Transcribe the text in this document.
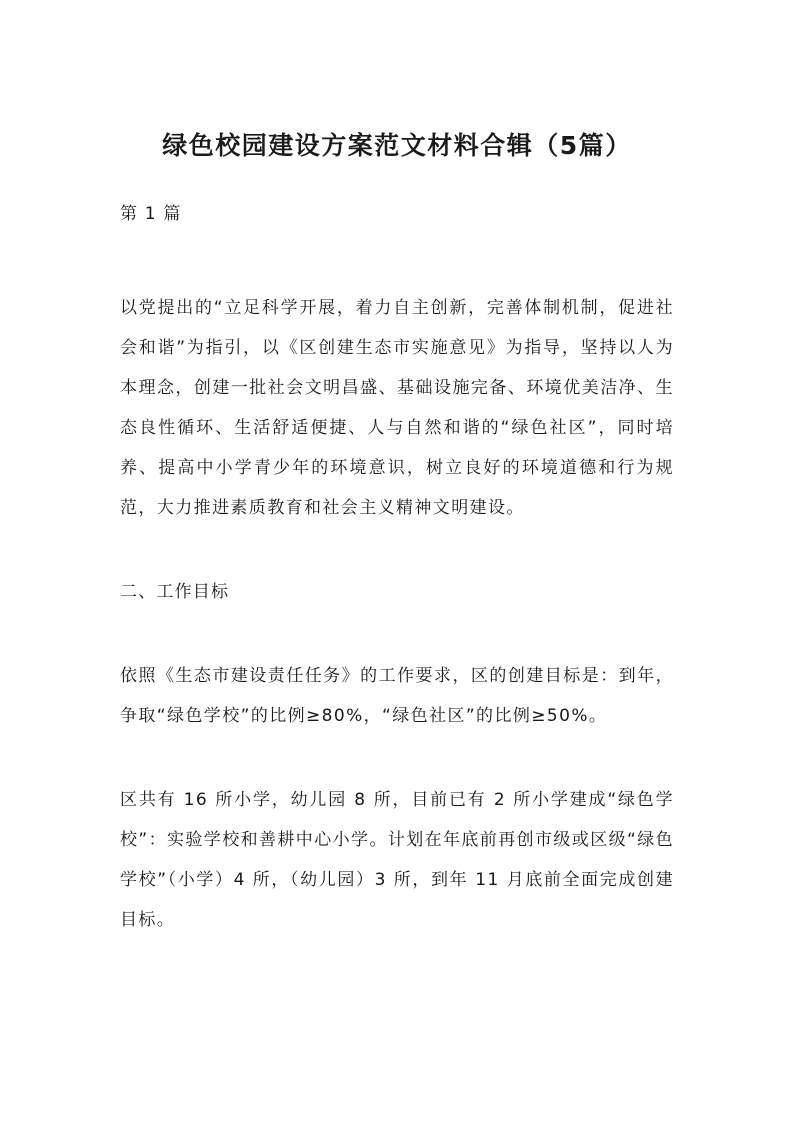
绿色校园建设方案范文材料合辑（5篇）

第 1 篇

以党提出的“立足科学开展，着力自主创新，完善体制机制，促进社会和谐”为指引，以《区创建生态市实施意见》为指导，坚持以人为本理念，创建一批社会文明昌盛、基础设施完备、环境优美洁净、生态良性循环、生活舒适便捷、人与自然和谐的“绿色社区”，同时培养、提高中小学青少年的环境意识，树立良好的环境道德和行为规范，大力推进素质教育和社会主义精神文明建设。

二、工作目标

依照《生态市建设责任任务》的工作要求，区的创建目标是：到年，争取“绿色学校”的比例≥80%，“绿色社区”的比例≥50%。

区共有 16 所小学，幼儿园 8 所，目前已有 2 所小学建成“绿色学校”：实验学校和善耕中心小学。计划在年底前再创市级或区级“绿色学校”（小学）4 所，（幼儿园）3 所，到年 11 月底前全面完成创建目标。
